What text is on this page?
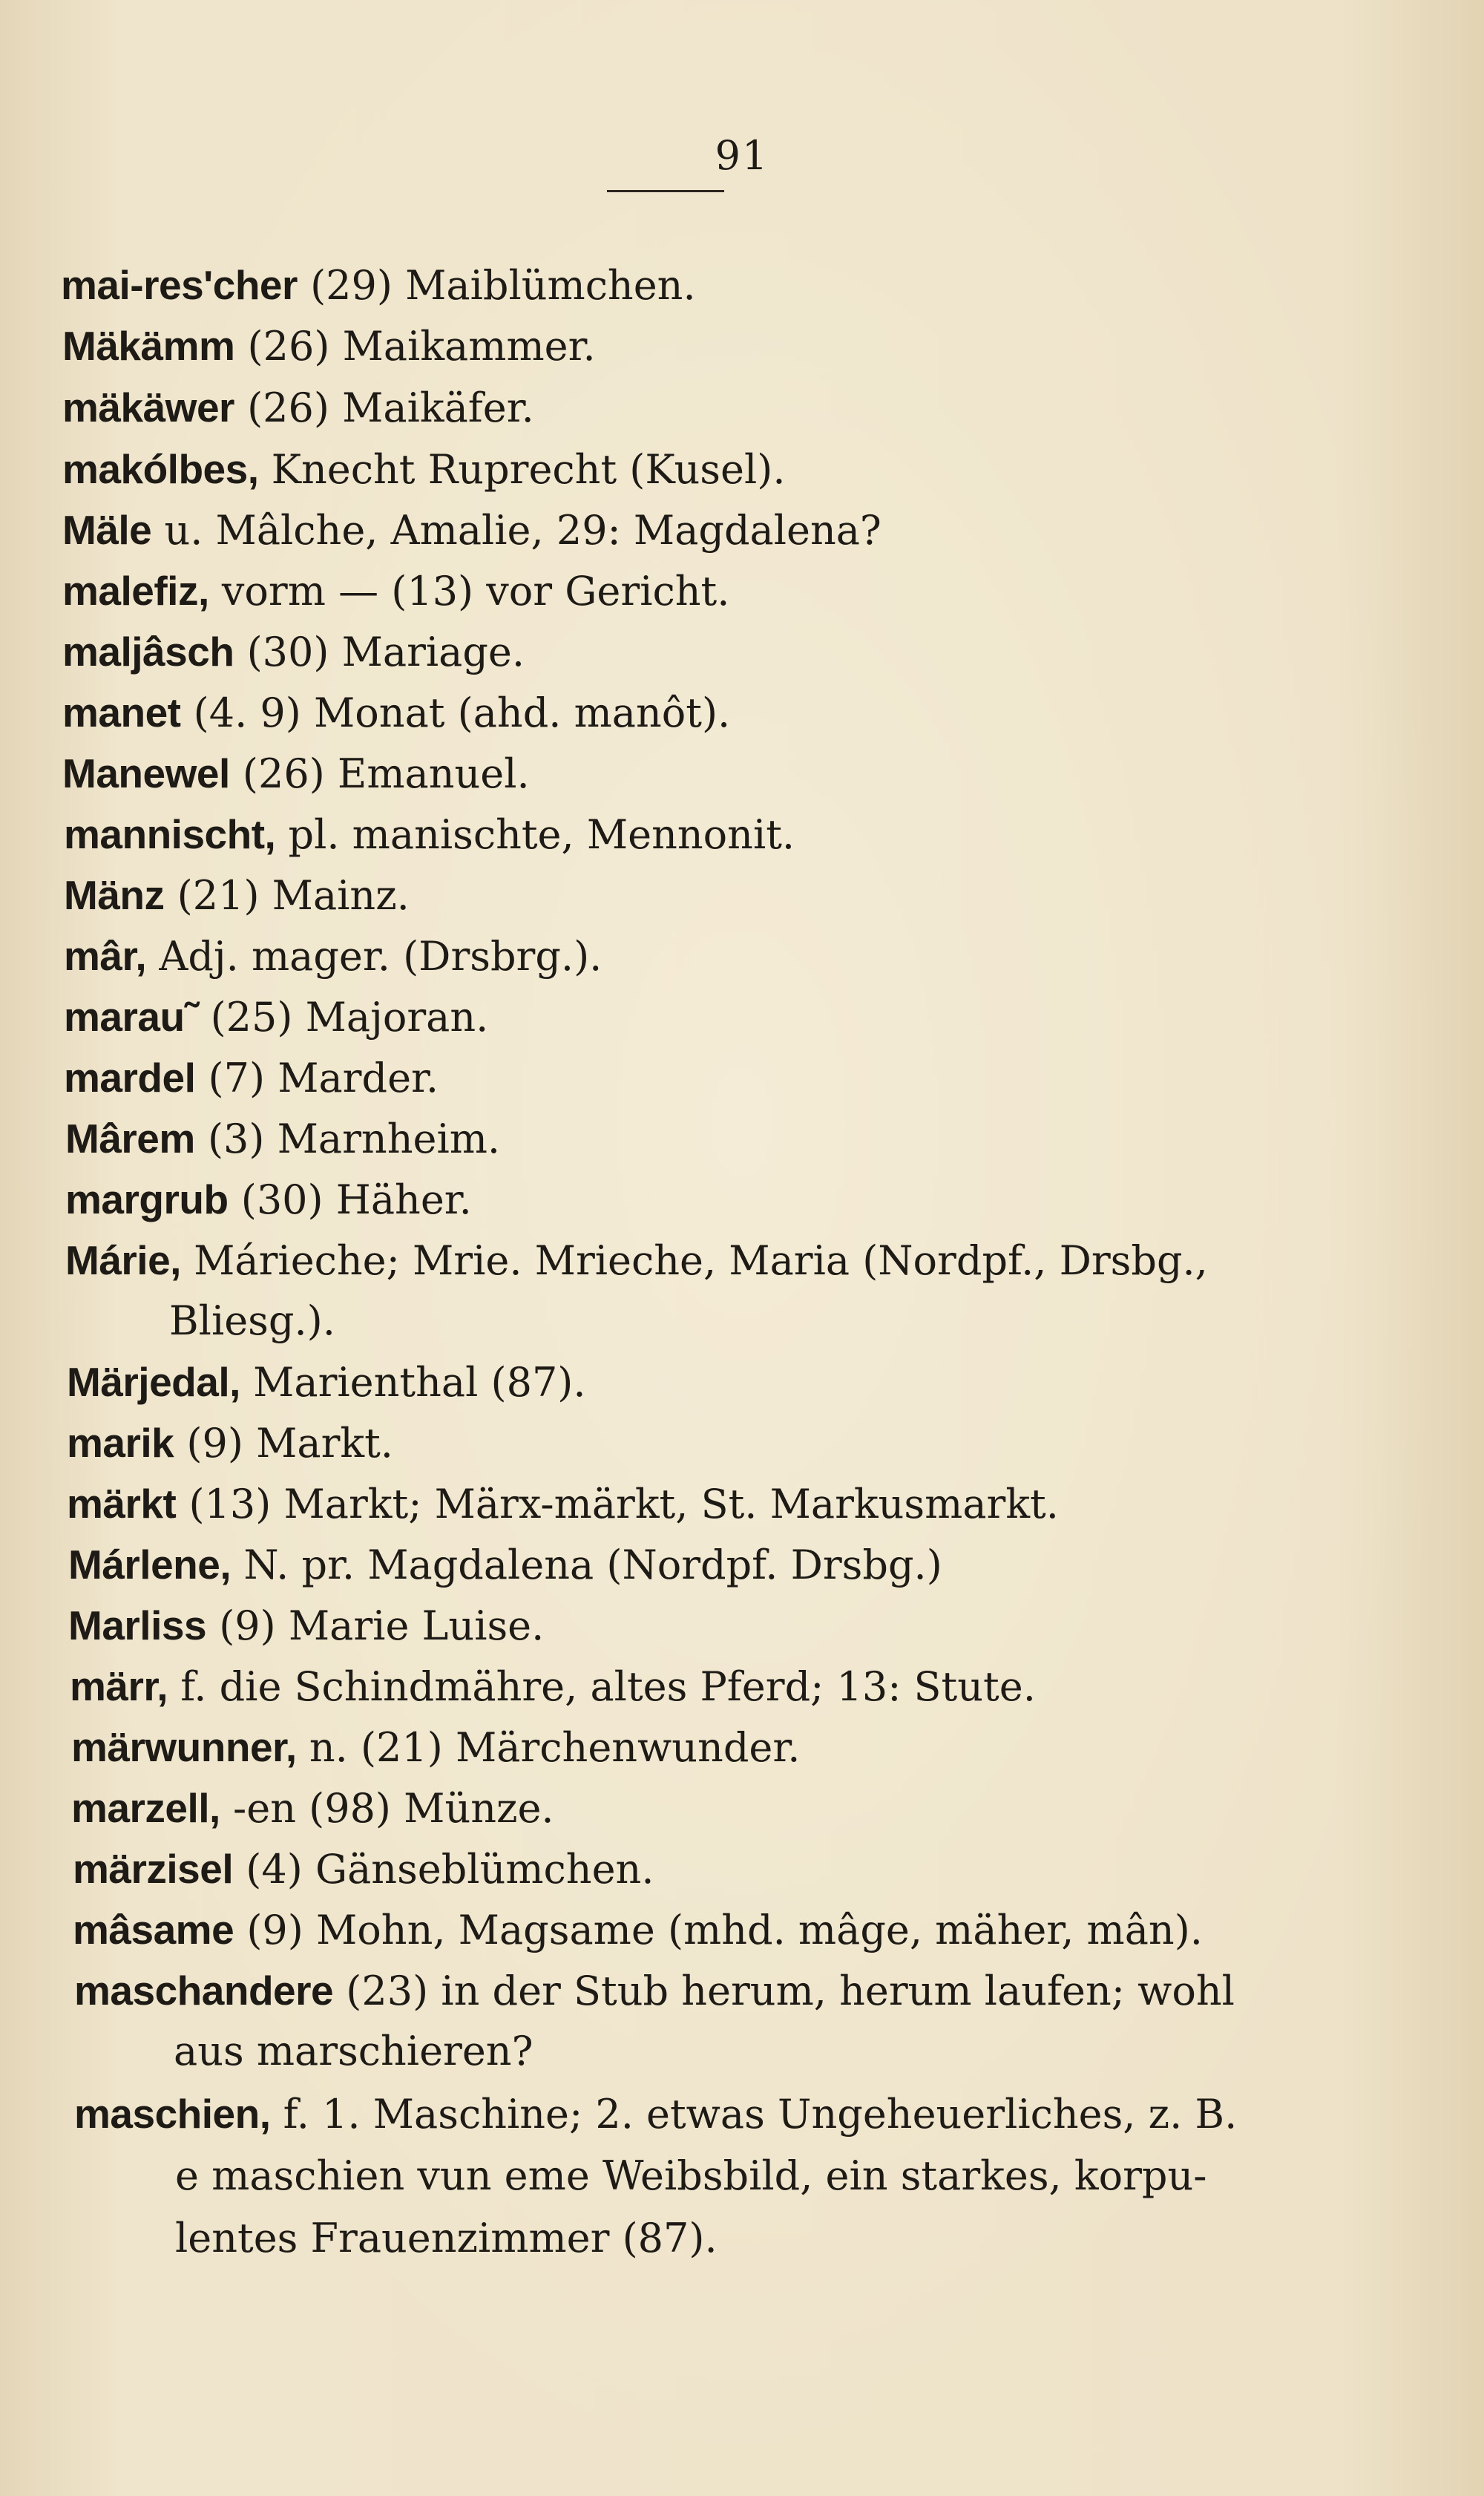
91
mai-res'cher (29) Maiblümchen.
Mäkämm (26) Maikammer.
mäkäwer (26) Maikäfer.
makólbes, Knecht Ruprecht (Kusel).
Mäle u. Mâlche, Amalie, 29: Magdalena?
malefiz, vorm — (13) vor Gericht.
maljâsch (30) Mariage.
manet (4. 9) Monat (ahd. manôt).
Manewel (26) Emanuel.
mannischt, pl. manischte, Mennonit.
Mänz (21) Mainz.
mâr, Adj. mager. (Drsbrg.).
marau˜ (25) Majoran.
mardel (7) Marder.
Mârem (3) Marnheim.
margrub (30) Häher.
Márie, Márieche; Mrie. Mrieche, Maria (Nordpf., Drsbg.,
Bliesg.).
Märjedal, Marienthal (87).
marik (9) Markt.
märkt (13) Markt; Märx-märkt, St. Markusmarkt.
Márlene, N. pr. Magdalena (Nordpf. Drsbg.)
Marliss (9) Marie Luise.
märr, f. die Schindmähre, altes Pferd; 13: Stute.
märwunner, n. (21) Märchenwunder.
marzell, -en (98) Münze.
märzisel (4) Gänseblümchen.
mâsame (9) Mohn, Magsame (mhd. mâge, mäher, mân).
maschandere (23) in der Stub herum, herum laufen; wohl
aus marschieren?
maschien, f. 1. Maschine; 2. etwas Ungeheuerliches, z. B.
e maschien vun eme Weibsbild, ein starkes, korpu-
lentes Frauenzimmer (87).
